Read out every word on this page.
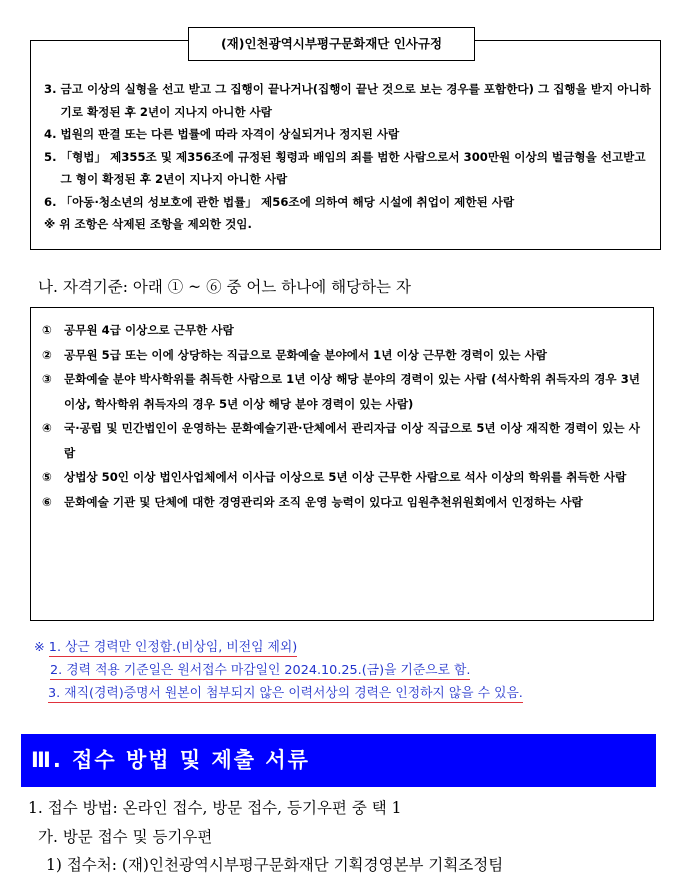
(재)인천광역시부평구문화재단 인사규정
3. 금고 이상의 실형을 선고 받고 그 집행이 끝나거나(집행이 끝난 것으로 보는 경우를 포함한다) 그 집행을 받지 아니하기로 확정된 후 2년이 지나지 아니한 사람
4. 법원의 판결 또는 다른 법률에 따라 자격이 상실되거나 정지된 사람
5. 「형법」 제355조 및 제356조에 규정된 횡령과 배임의 죄를 범한 사람으로서 300만원 이상의 벌금형을 선고받고 그 형이 확정된 후 2년이 지나지 아니한 사람
6. 「아동·청소년의 성보호에 관한 법률」 제56조에 의하여 해당 시설에 취업이 제한된 사람
※ 위 조항은 삭제된 조항을 제외한 것임.
나. 자격기준: 아래 ① ~ ⑥ 중 어느 하나에 해당하는 자
①	공무원 4급 이상으로 근무한 사람
②	공무원 5급 또는 이에 상당하는 직급으로 문화예술 분야에서 1년 이상 근무한 경력이 있는 사람
③	문화예술 분야 박사학위를 취득한 사람으로 1년 이상 해당 분야의 경력이 있는 사람 (석사학위 취득자의 경우 3년 이상, 학사학위 취득자의 경우 5년 이상 해당 분야 경력이 있는 사람)
④	국·공립 및 민간법인이 운영하는 문화예술기관·단체에서 관리자급 이상 직급으로 5년 이상 재직한 경력이 있는 사람
⑤	상법상 50인 이상 법인사업체에서 이사급 이상으로 5년 이상 근무한 사람으로 석사 이상의 학위를 취득한 사람
⑥	문화예술 기관 및 단체에 대한 경영관리와 조직 운영 능력이 있다고 임원추천위원회에서 인정하는 사람
※ 1. 상근 경력만 인정함.(비상임, 비전임 제외)
2. 경력 적용 기준일은 원서접수 마감일인 2024.10.25.(금)을 기준으로 함.
3. 재직(경력)증명서 원본이 첨부되지 않은 이력서상의 경력은 인정하지 않을 수 있음.
Ⅲ. 접수 방법 및 제출 서류
1. 접수 방법: 온라인 접수, 방문 접수, 등기우편 중 택 1
가. 방문 접수 및 등기우편
1) 접수처: (재)인천광역시부평구문화재단 기획경영본부 기획조정팀
